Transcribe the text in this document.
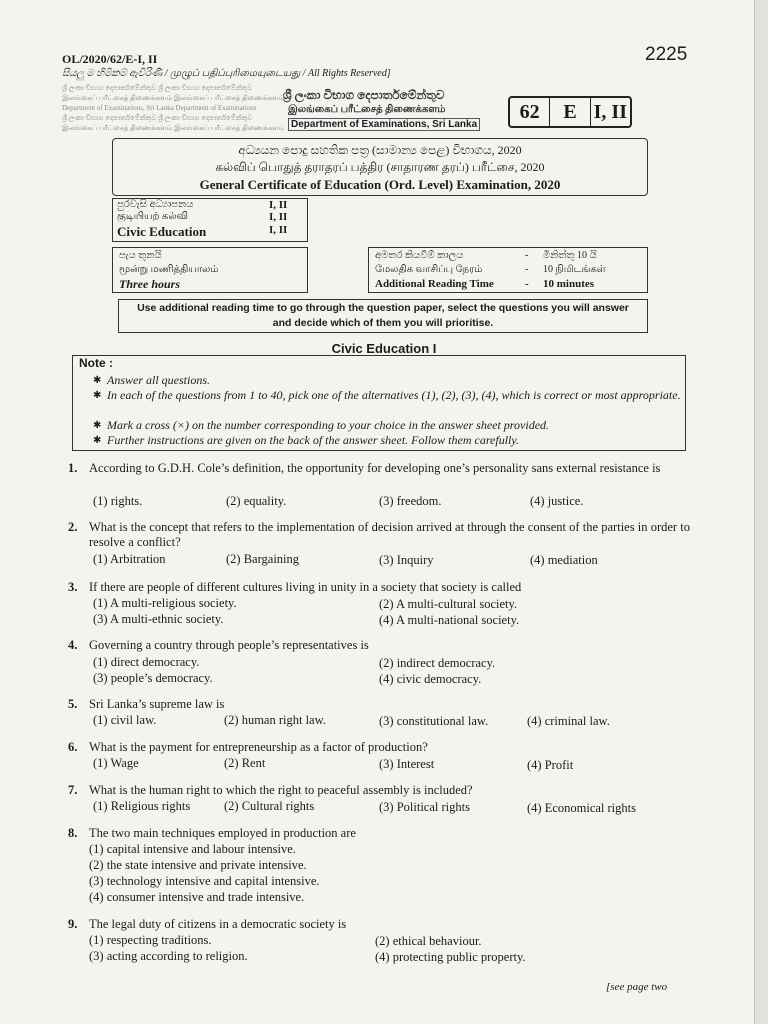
OL/2020/62/E-I, II	2225
සියලු ම හිමිකම් ඇවිරිණි / முழுப் பதிப்புரிமையுடையது / All Rights Reserved]
ශ්‍රී ලංකා විභාග දෙපාර්තමේන්තුව ශ්‍රී ලංකා විභාග දෙපාර්තමේන්තුව
இலங்கைப் பரீட்சைத் திணைக்களம் இலங்கைப் பரீட்சைத் திணைக்களம்
Department of Examinations, Sri Lanka Department of Examinations
ශ්‍රී ලංකා විභාග දෙපාර්තමේන්තුව ශ්‍රී ලංකා විභාග දෙපාර්තමේන්තුව
இலங்கைப் பரீட்சைத் திணைக்களம் இலங்கைப் பரீட்சைத் திணைக்களம்
ශ්‍රී ලංකා විභාග දෙපාර්තමේන්තුව
இலங்கைப் பரீட்சைத் திணைக்களம்
Department of Examinations, Sri Lanka
62	E I, II
අධ්‍යයන පොදු සහතික පත්‍ර (සාමාන්‍ය පෙළ) විභාගය, 2020
கல்விப் பொதுத் தராதரப் பத்திர (சாதாரண தரப்) பரீட்சை, 2020
General Certificate of Education (Ord. Level) Examination, 2020
පුරවැසි අධ්‍යාපනය	I, II
குடியியற் கல்வி	I, II
Civic Education	I, II
පැය තුනයි
மூன்று மணித்தியாலம்
Three hours
අමතර කියවීම් කාලය	-	මිනිත්තු 10 යි
மேலதிக வாசிப்பு நேரம்	-	10 நிமிடங்கள்
Additional Reading Time	-	10 minutes
Use additional reading time to go through the question paper, select the questions you will answer
and decide which of them you will prioritise.
Civic Education I
Note :
✱ Answer all questions.
✱ In each of the questions from 1 to 40, pick one of the alternatives (1), (2), (3), (4), which is correct or most appropriate.
✱ Mark a cross (×) on the number corresponding to your choice in the answer sheet provided.
✱ Further instructions are given on the back of the answer sheet. Follow them carefully.
1. According to G.D.H. Cole’s definition, the opportunity for developing one’s personality sans external resistance is
(1) rights.	(2) equality.	(3) freedom.	(4) justice.
2. What is the concept that refers to the implementation of decision arrived at through the consent of the parties in order to resolve a conflict?
(1) Arbitration	(2) Bargaining	(3) Inquiry	(4) mediation
3. If there are people of different cultures living in unity in a society that society is called
(1) A multi-religious society.	(2) A multi-cultural society.
(3) A multi-ethnic society.	(4) A multi-national society.
4. Governing a country through people’s representatives is
(1) direct democracy.	(2) indirect democracy.
(3) people’s democracy.	(4) civic democracy.
5. Sri Lanka’s supreme law is
(1) civil law.	(2) human right law.	(3) constitutional law.	(4) criminal law.
6. What is the payment for entrepreneurship as a factor of production?
(1) Wage	(2) Rent	(3) Interest	(4) Profit
7. What is the human right to which the right to peaceful assembly is included?
(1) Religious rights	(2) Cultural rights	(3) Political rights	(4) Economical rights
8. The two main techniques employed in production are
(1) capital intensive and labour intensive.
(2) the state intensive and private intensive.
(3) technology intensive and capital intensive.
(4) consumer intensive and trade intensive.
9. The legal duty of citizens in a democratic society is
(1) respecting traditions.	(2) ethical behaviour.
(3) acting according to religion.	(4) protecting public property.
[see page two
